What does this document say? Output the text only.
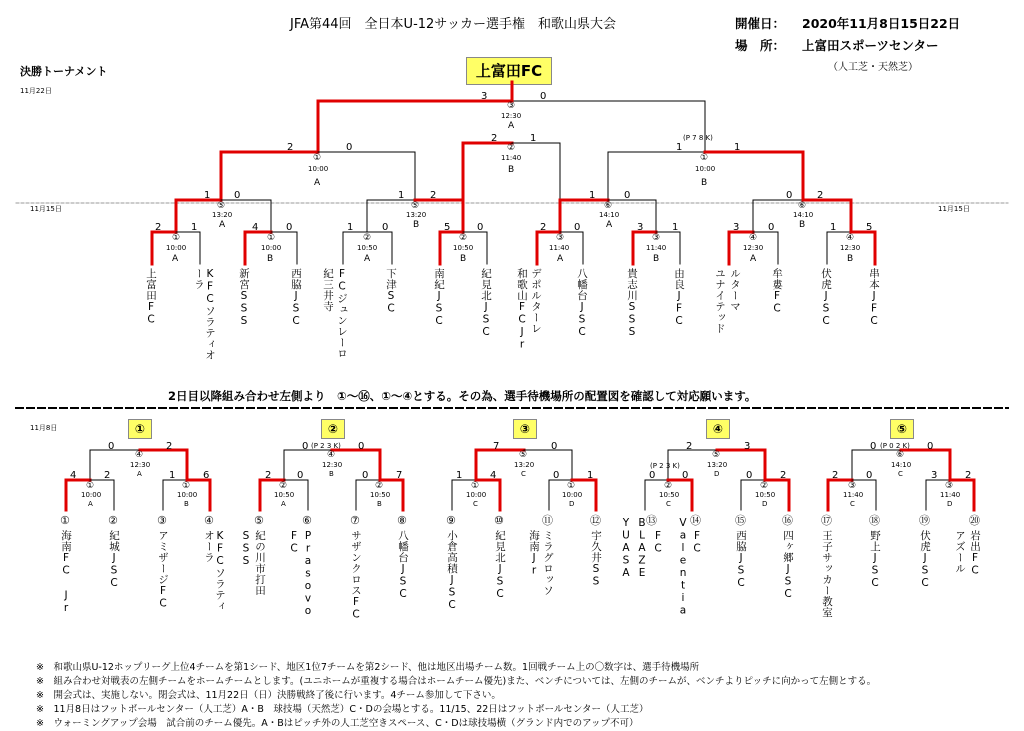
JFA第44回　全日本U-12サッカー選手権　和歌山県大会	開催日： 2020年11月8日15日22日
場　所： 上富田スポーツセンター
（人工芝・天然芝）
決勝トーナメント
11月22日
11月15日	11月15日
上富田FC
3	0
③
12:30
A
2	1
②
11:40
B
2	0
①
10:00
A
(P 7 8 K)
1	1
①
10:00
B
1 0
⑤
13:20
A
1	2
⑤
13:20
B
1	0
⑥
14:10
A
0 2
⑥
14:10
B
2	1
①
10:00
A
4	0
①
10:00
B
1	0
②
10:50
A
5	0
②
10:50
B
2	0
③
11:40
A
3	1
③
11:40
B
3	0
④
12:30
A
1	5
④
12:30
B
上富田FC	KFCソラティオーラ	新宮SSS	西脇JSC 紀三井寺 FCジュンレーロ	下津SC	南紀JSC	紀見北JSC 和歌山FCJr デポルターレ	八幡台JSC	貴志川SSS	由良JFC	ルターマ
ユナイテッド	牟婁FC	伏虎JSC	串本JFC
2日目以降組み合わせ左側より　①～⑯、①～④とする。その為、選手待機場所の配置図を確認して対応願います。
11月8日	①
0	2
④
12:30
A
4	2
①
10:00
A
1	6
①
10:00
B
①
海南FC Jr
②
紀城JSC
③
アミザージFC
④
KFCソラティオーラ
②
0 (P 2 3 K) 0
④
12:30
B
2	0
②
10:50
A
0	7
②
10:50
B
⑤
紀の川市打田
SSS
⑥
Prasovo
FC
⑦
サザンクロスFC
⑧
八幡台JSC
③
7	0
⑤
13:20
C
1	4
①
10:00
C
0	1
①
10:00
D
⑨
小倉高積JSC
⑩
紀見北JSC
⑪
ミラグロッソ
海南Jr
⑫
宇久井SS
④
2	3
⑤
13:20
D
(P 2 3 K)
0	0
②
10:50
C
0	2
②
10:50
D
⑬
FC
BLAZE
YUASA	⑭
FC
Valentia	⑮
西脇JSC
⑯
四ヶ郷JSC
⑤
0 (P 0 2 K) 0
⑥
14:10
C
2	0
③
11:40
C
3	2
③
11:40
D
⑰
王子サッカー教室
⑱
野上JSC
⑲
伏虎JSC
⑳
岩出FC
アズール
※　和歌山県U-12ホップリーグ上位4チームを第1シード、地区1位7チームを第2シード、他は地区出場チーム数。1回戦チーム上の〇数字は、選手待機場所
※　組み合わせ対戦表の左側チームをホームチームとします。(ユニホームが重複する場合はホームチーム優先)また、ベンチについては、左側のチームが、ベンチよりピッチに向かって左側とする。
※　開会式は、実施しない。閉会式は、11月22日（日）決勝戦終了後に行います。4チーム参加して下さい。
※　11月8日はフットボールセンター（人工芝）A・B　球技場（天然芝）C・Dの会場とする。11/15、22日はフットボールセンター（人工芝）
※　ウォーミングアップ会場　試合前のチーム優先。A・Bはピッチ外の人工芝空きスペース、C・Dは球技場横（グランド内でのアップ不可）
